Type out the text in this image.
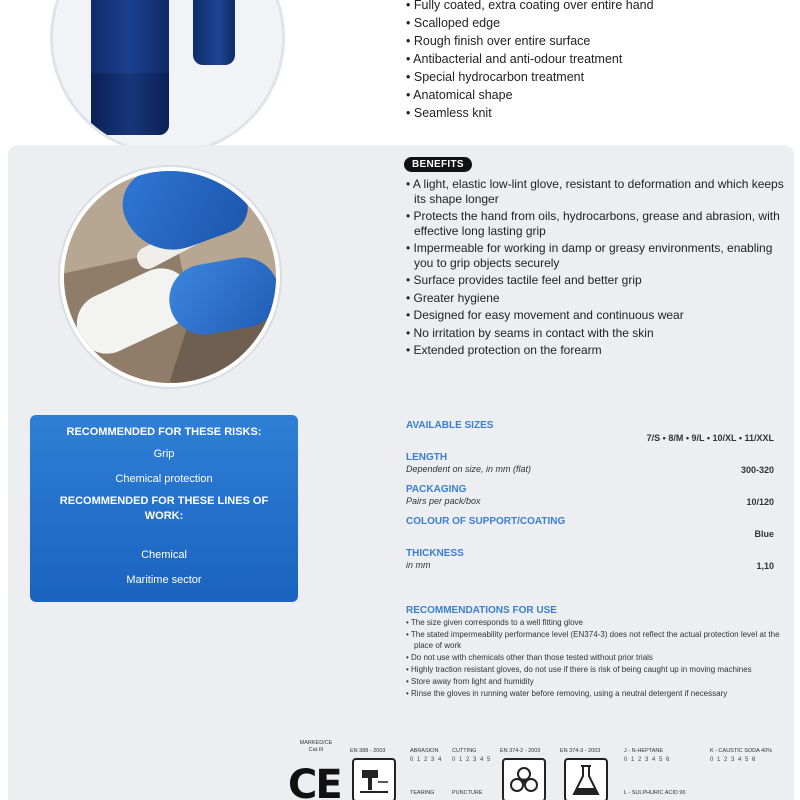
• Fully coated, extra coating over entire hand
• Scalloped edge
• Rough finish over entire surface
• Antibacterial and anti-odour treatment
• Special hydrocarbon treatment
• Anatomical shape
• Seamless knit
BENEFITS
• A light, elastic low-lint glove, resistant to deformation and which keeps its shape longer
• Protects the hand from oils, hydrocarbons, grease and abrasion, with effective long lasting grip
• Impermeable for working in damp or greasy environments, enabling you to grip objects securely
• Surface provides tactile feel and better grip
• Greater hygiene
• Designed for easy movement and continuous wear
• No irritation by seams in contact with the skin
• Extended protection on the forearm
RECOMMENDED FOR THESE RISKS:
Grip
Chemical protection
RECOMMENDED FOR THESE LINES OF WORK:
Chemical
Maritime sector
AVAILABLE SIZES
7/S • 8/M • 9/L • 10/XL • 11/XXL
LENGTH
Dependent on size, in mm (flat)	300-320
PACKAGING
Pairs per pack/box	10/120
COLOUR OF SUPPORT/COATING
Blue
THICKNESS
in mm	1,10
RECOMMENDATIONS FOR USE
• The size given corresponds to a well fitting glove
• The stated impermeability performance level (EN374-3) does not reflect the actual protection level at the place of work
• Do not use with chemicals other than those tested without prior trials
• Highly traction resistant gloves, do not use if there is risk of being caught up in moving machines
• Store away from light and humidity
• Rinse the gloves in running water before removing, using a neutral detergent if necessary
MARKED/CE Cat.III
CE
EN 388 - 2003	ABRASION
0 1 2 3 4
CUTTING
0 1 2 3 4 5
TEARING	PUNCTURE
EN 374-2 - 2003	EN 374-3 - 2003	J - N-HEPTANE
0 1 2 3 4 5 6
L - SULPHURIC ACID 96
K - CAUSTIC SODA 40%
0 1 2 3 4 5 6
